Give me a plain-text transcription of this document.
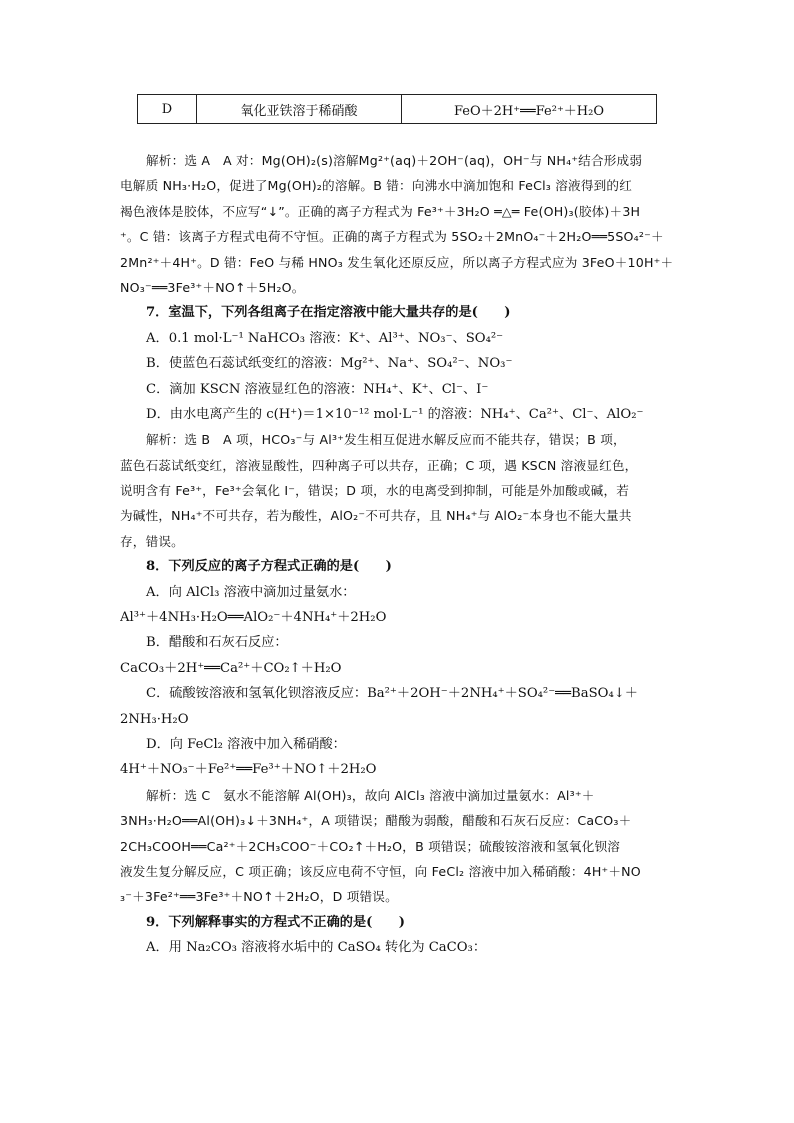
D	氧化亚铁溶于稀硝酸	FeO＋2H⁺══Fe²⁺＋H₂O
解析：选 A　A 对：Mg(OH)₂(s)溶解Mg²⁺(aq)＋2OH⁻(aq)，OH⁻与 NH₄⁺结合形成弱
电解质 NH₃·H₂O，促进了Mg(OH)₂的溶解。B 错：向沸水中滴加饱和 FeCl₃ 溶液得到的红
褐色液体是胶体，不应写“↓”。正确的离子方程式为 Fe³⁺＋3H₂O ═△═ Fe(OH)₃(胶体)＋3H
⁺。C 错：该离子方程式电荷不守恒。正确的离子方程式为 5SO₂＋2MnO₄⁻＋2H₂O══5SO₄²⁻＋
2Mn²⁺＋4H⁺。D 错：FeO 与稀 HNO₃ 发生氧化还原反应，所以离子方程式应为 3FeO＋10H⁺＋
NO₃⁻══3Fe³⁺＋NO↑＋5H₂O。
7．室温下，下列各组离子在指定溶液中能大量共存的是(　　)
A．0.1 mol·L⁻¹ NaHCO₃ 溶液：K⁺、Al³⁺、NO₃⁻、SO₄²⁻
B．使蓝色石蕊试纸变红的溶液：Mg²⁺、Na⁺、SO₄²⁻、NO₃⁻
C．滴加 KSCN 溶液显红色的溶液：NH₄⁺、K⁺、Cl⁻、I⁻
D．由水电离产生的 c(H⁺)＝1×10⁻¹² mol·L⁻¹ 的溶液：NH₄⁺、Ca²⁺、Cl⁻、AlO₂⁻
解析：选 B　A 项，HCO₃⁻与 Al³⁺发生相互促进水解反应而不能共存，错误；B 项，
蓝色石蕊试纸变红，溶液显酸性，四种离子可以共存，正确；C 项，遇 KSCN 溶液显红色，
说明含有 Fe³⁺，Fe³⁺会氧化 I⁻，错误；D 项，水的电离受到抑制，可能是外加酸或碱，若
为碱性，NH₄⁺不可共存，若为酸性，AlO₂⁻不可共存，且 NH₄⁺与 AlO₂⁻本身也不能大量共
存，错误。
8．下列反应的离子方程式正确的是(　　)
A．向 AlCl₃ 溶液中滴加过量氨水：
Al³⁺＋4NH₃·H₂O══AlO₂⁻＋4NH₄⁺＋2H₂O
B．醋酸和石灰石反应：
CaCO₃＋2H⁺══Ca²⁺＋CO₂↑＋H₂O
C．硫酸铵溶液和氢氧化钡溶液反应：Ba²⁺＋2OH⁻＋2NH₄⁺＋SO₄²⁻══BaSO₄↓＋
2NH₃·H₂O
D．向 FeCl₂ 溶液中加入稀硝酸：
4H⁺＋NO₃⁻＋Fe²⁺══Fe³⁺＋NO↑＋2H₂O
解析：选 C　氨水不能溶解 Al(OH)₃，故向 AlCl₃ 溶液中滴加过量氨水：Al³⁺＋
3NH₃·H₂O══Al(OH)₃↓＋3NH₄⁺，A 项错误；醋酸为弱酸，醋酸和石灰石反应：CaCO₃＋
2CH₃COOH══Ca²⁺＋2CH₃COO⁻＋CO₂↑＋H₂O，B 项错误；硫酸铵溶液和氢氧化钡溶
液发生复分解反应，C 项正确；该反应电荷不守恒，向 FeCl₂ 溶液中加入稀硝酸：4H⁺＋NO
₃⁻＋3Fe²⁺══3Fe³⁺＋NO↑＋2H₂O，D 项错误。
9．下列解释事实的方程式不正确的是(　　)
A．用 Na₂CO₃ 溶液将水垢中的 CaSO₄ 转化为 CaCO₃：
